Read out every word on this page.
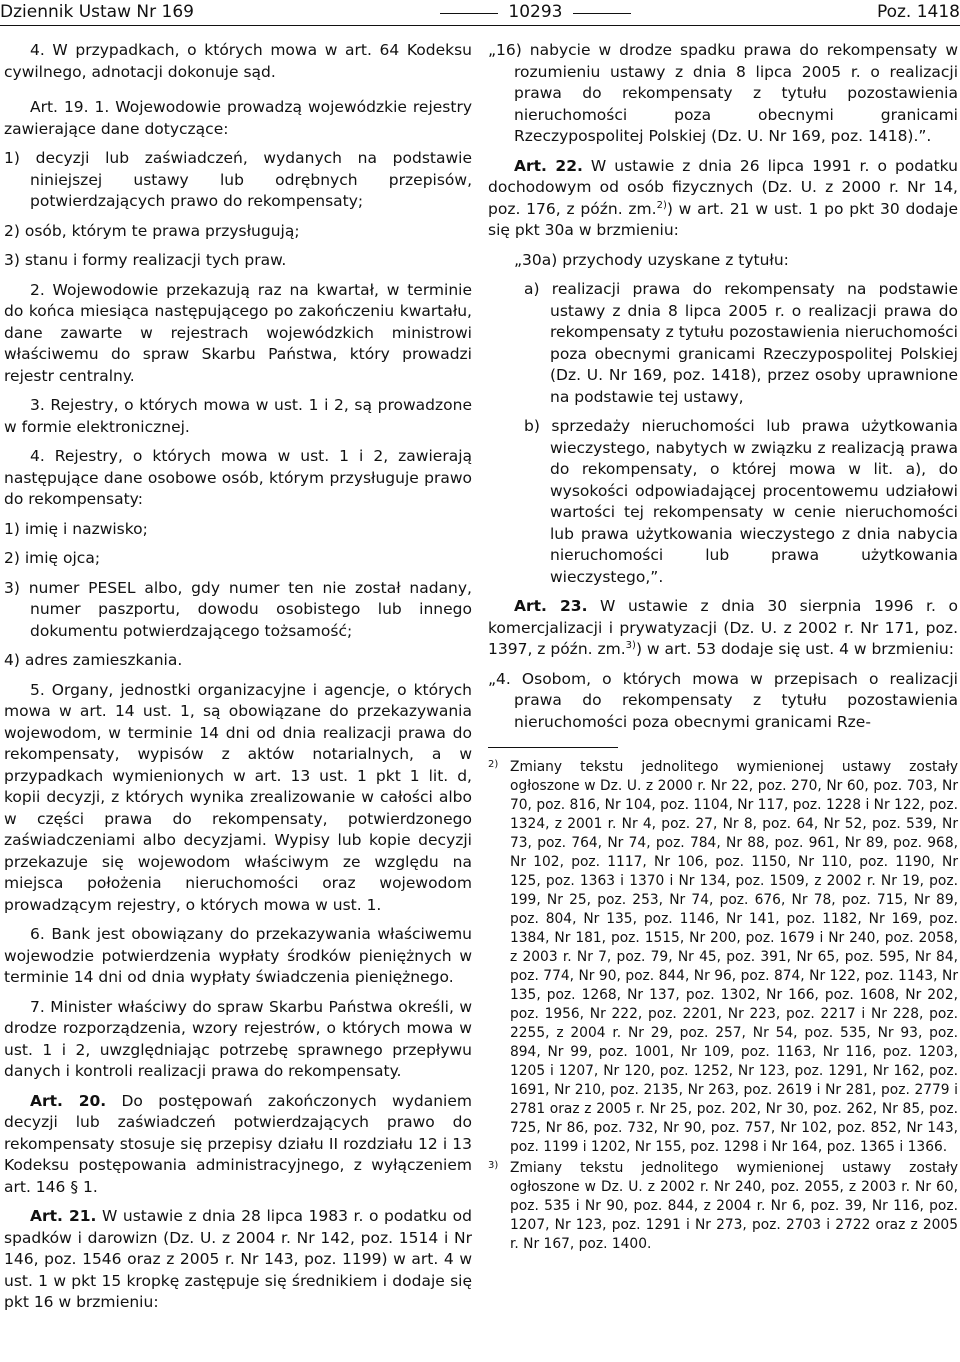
Dziennik Ustaw Nr 169	10293	Poz. 1418

4. W przypadkach, o których mowa w art. 64 Kodeksu cywilnego, adnotacji dokonuje sąd.

Art. 19. 1. Wojewodowie prowadzą wojewódzkie rejestry zawierające dane dotyczące:

1) decyzji lub zaświadczeń, wydanych na podstawie niniejszej ustawy lub odrębnych przepisów, potwierdzających prawo do rekompensaty;

2) osób, którym te prawa przysługują;

3) stanu i formy realizacji tych praw.

2. Wojewodowie przekazują raz na kwartał, w terminie do końca miesiąca następującego po zakończeniu kwartału, dane zawarte w rejestrach wojewódzkich ministrowi właściwemu do spraw Skarbu Państwa, który prowadzi rejestr centralny.

3. Rejestry, o których mowa w ust. 1 i 2, są prowadzone w formie elektronicznej.

4. Rejestry, o których mowa w ust. 1 i 2, zawierają następujące dane osobowe osób, którym przysługuje prawo do rekompensaty:

1) imię i nazwisko;

2) imię ojca;

3) numer PESEL albo, gdy numer ten nie został nadany, numer paszportu, dowodu osobistego lub innego dokumentu potwierdzającego tożsamość;

4) adres zamieszkania.

5. Organy, jednostki organizacyjne i agencje, o których mowa w art. 14 ust. 1, są obowiązane do przekazywania wojewodom, w terminie 14 dni od dnia realizacji prawa do rekompensaty, wypisów z aktów notarialnych, a w przypadkach wymienionych w art. 13 ust. 1 pkt 1 lit. d, kopii decyzji, z których wynika zrealizowanie w całości albo w części prawa do rekompensaty, potwierdzonego zaświadczeniami albo decyzjami. Wypisy lub kopie decyzji przekazuje się wojewodom właściwym ze względu na miejsca położenia nieruchomości oraz wojewodom prowadzącym rejestry, o których mowa w ust. 1.

6. Bank jest obowiązany do przekazywania właściwemu wojewodzie potwierdzenia wypłaty środków pieniężnych w terminie 14 dni od dnia wypłaty świadczenia pieniężnego.

7. Minister właściwy do spraw Skarbu Państwa określi, w drodze rozporządzenia, wzory rejestrów, o których mowa w ust. 1 i 2, uwzględniając potrzebę sprawnego przepływu danych i kontroli realizacji prawa do rekompensaty.

Art. 20. Do postępowań zakończonych wydaniem decyzji lub zaświadczeń potwierdzających prawo do rekompensaty stosuje się przepisy działu II rozdziału 12 i 13 Kodeksu postępowania administracyjnego, z wyłączeniem art. 146 § 1.

Art. 21. W ustawie z dnia 28 lipca 1983 r. o podatku od spadków i darowizn (Dz. U. z 2004 r. Nr 142, poz. 1514 i Nr 146, poz. 1546 oraz z 2005 r. Nr 143, poz. 1199) w art. 4 w ust. 1 w pkt 15 kropkę zastępuje się średnikiem i dodaje się pkt 16 w brzmieniu:

„16) nabycie w drodze spadku prawa do rekompensaty w rozumieniu ustawy z dnia 8 lipca 2005 r. o realizacji prawa do rekompensaty z tytułu pozostawienia nieruchomości poza obecnymi granicami Rzeczypospolitej Polskiej (Dz. U. Nr 169, poz. 1418).”.

Art. 22. W ustawie z dnia 26 lipca 1991 r. o podatku dochodowym od osób fizycznych (Dz. U. z 2000 r. Nr 14, poz. 176, z późn. zm.$^{2)}$) w art. 21 w ust. 1 po pkt 30 dodaje się pkt 30a w brzmieniu:

„30a) przychody uzyskane z tytułu:

a) realizacji prawa do rekompensaty na podstawie ustawy z dnia 8 lipca 2005 r. o realizacji prawa do rekompensaty z tytułu pozostawienia nieruchomości poza obecnymi granicami Rzeczypospolitej Polskiej (Dz. U. Nr 169, poz. 1418), przez osoby uprawnione na podstawie tej ustawy,

b) sprzedaży nieruchomości lub prawa użytkowania wieczystego, nabytych w związku z realizacją prawa do rekompensaty, o której mowa w lit. a), do wysokości odpowiadającej procentowemu udziałowi wartości tej rekompensaty w cenie nieruchomości lub prawa użytkowania wieczystego z dnia nabycia nieruchomości lub prawa użytkowania wieczystego,”.

Art. 23. W ustawie z dnia 30 sierpnia 1996 r. o komercjalizacji i prywatyzacji (Dz. U. z 2002 r. Nr 171, poz. 1397, z późn. zm.$^{3)}$) w art. 53 dodaje się ust. 4 w brzmieniu:

„4. Osobom, o których mowa w przepisach o realizacji prawa do rekompensaty z tytułu pozostawienia nieruchomości poza obecnymi granicami Rze-

2) Zmiany tekstu jednolitego wymienionej ustawy zostały ogłoszone w Dz. U. z 2000 r. Nr 22, poz. 270, Nr 60, poz. 703, Nr 70, poz. 816, Nr 104, poz. 1104, Nr 117, poz. 1228 i Nr 122, poz. 1324, z 2001 r. Nr 4, poz. 27, Nr 8, poz. 64, Nr 52, poz. 539, Nr 73, poz. 764, Nr 74, poz. 784, Nr 88, poz. 961, Nr 89, poz. 968, Nr 102, poz. 1117, Nr 106, poz. 1150, Nr 110, poz. 1190, Nr 125, poz. 1363 i 1370 i Nr 134, poz. 1509, z 2002 r. Nr 19, poz. 199, Nr 25, poz. 253, Nr 74, poz. 676, Nr 78, poz. 715, Nr 89, poz. 804, Nr 135, poz. 1146, Nr 141, poz. 1182, Nr 169, poz. 1384, Nr 181, poz. 1515, Nr 200, poz. 1679 i Nr 240, poz. 2058, z 2003 r. Nr 7, poz. 79, Nr 45, poz. 391, Nr 65, poz. 595, Nr 84, poz. 774, Nr 90, poz. 844, Nr 96, poz. 874, Nr 122, poz. 1143, Nr 135, poz. 1268, Nr 137, poz. 1302, Nr 166, poz. 1608, Nr 202, poz. 1956, Nr 222, poz. 2201, Nr 223, poz. 2217 i Nr 228, poz. 2255, z 2004 r. Nr 29, poz. 257, Nr 54, poz. 535, Nr 93, poz. 894, Nr 99, poz. 1001, Nr 109, poz. 1163, Nr 116, poz. 1203, 1205 i 1207, Nr 120, poz. 1252, Nr 123, poz. 1291, Nr 162, poz. 1691, Nr 210, poz. 2135, Nr 263, poz. 2619 i Nr 281, poz. 2779 i 2781 oraz z 2005 r. Nr 25, poz. 202, Nr 30, poz. 262, Nr 85, poz. 725, Nr 86, poz. 732, Nr 90, poz. 757, Nr 102, poz. 852, Nr 143, poz. 1199 i 1202, Nr 155, poz. 1298 i Nr 164, poz. 1365 i 1366.
3) Zmiany tekstu jednolitego wymienionej ustawy zostały ogłoszone w Dz. U. z 2002 r. Nr 240, poz. 2055, z 2003 r. Nr 60, poz. 535 i Nr 90, poz. 844, z 2004 r. Nr 6, poz. 39, Nr 116, poz. 1207, Nr 123, poz. 1291 i Nr 273, poz. 2703 i 2722 oraz z 2005 r. Nr 167, poz. 1400.
